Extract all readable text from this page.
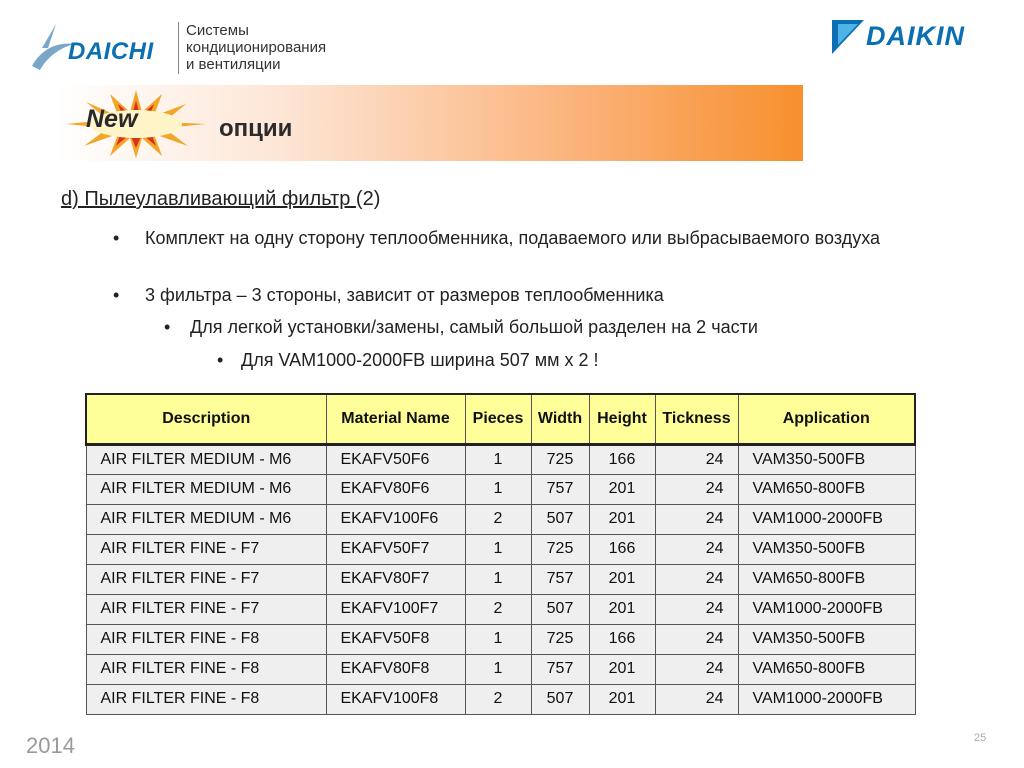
DAICHI
Системы
кондиционирования
и вентиляции
DAIKIN
New	опции
d) Пылеулавливающий фильтр (2)
• Комплект на одну сторону теплообменника, подаваемого или выбрасываемого воздуха
• 3 фильтра – 3 стороны, зависит от размеров теплообменника
• Для легкой установки/замены, самый большой разделен на 2 части
• Для VAM1000-2000FB ширина 507 мм x 2 !
Description	Material Name	Pieces	Width	Height	Tickness	Application
AIR FILTER MEDIUM - M6	EKAFV50F6	1	725	166	24	VAM350-500FB
AIR FILTER MEDIUM - M6	EKAFV80F6	1	757	201	24	VAM650-800FB
AIR FILTER MEDIUM - M6	EKAFV100F6	2	507	201	24	VAM1000-2000FB
AIR FILTER FINE - F7	EKAFV50F7	1	725	166	24	VAM350-500FB
AIR FILTER FINE - F7	EKAFV80F7	1	757	201	24	VAM650-800FB
AIR FILTER FINE - F7	EKAFV100F7	2	507	201	24	VAM1000-2000FB
AIR FILTER FINE - F8	EKAFV50F8	1	725	166	24	VAM350-500FB
AIR FILTER FINE - F8	EKAFV80F8	1	757	201	24	VAM650-800FB
AIR FILTER FINE - F8	EKAFV100F8	2	507	201	24	VAM1000-2000FB
2014	25
